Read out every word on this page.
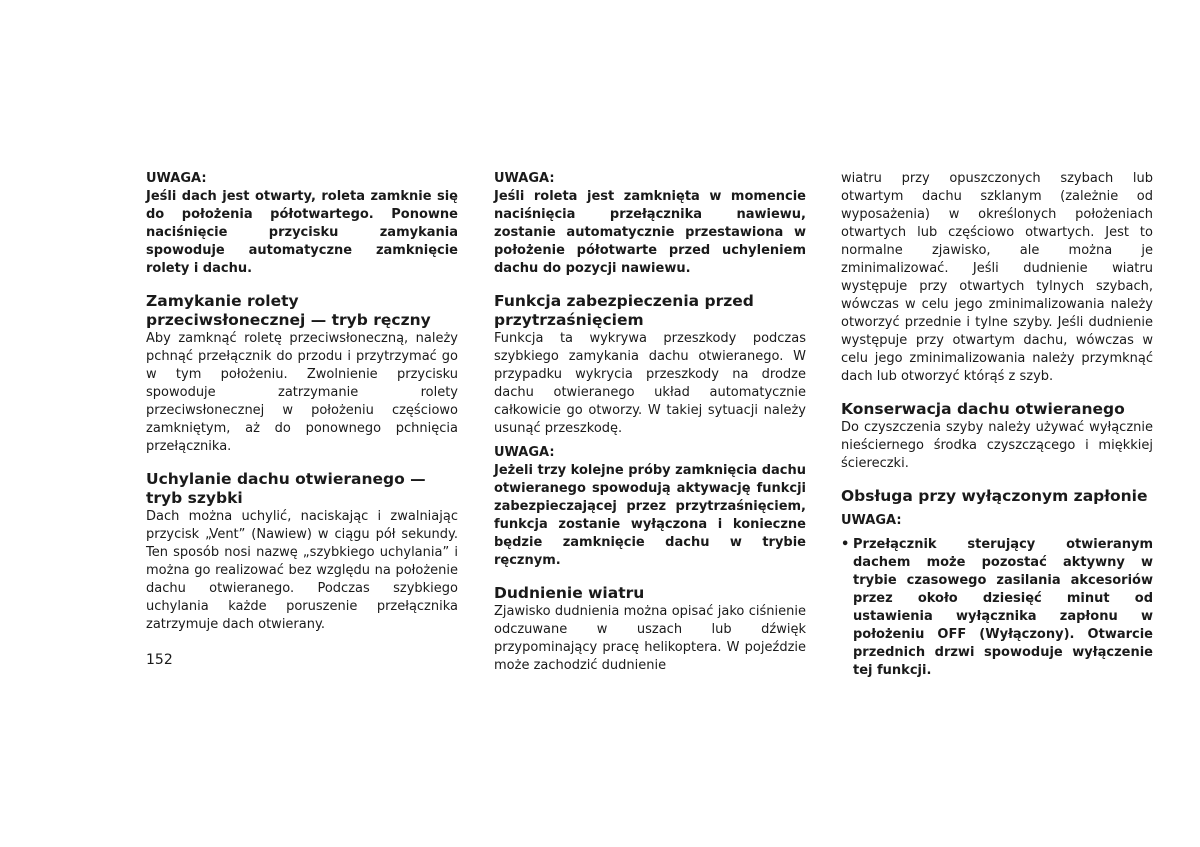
UWAGA:

Jeśli dach jest otwarty, roleta zamknie się do położenia półotwartego. Ponowne naciśnięcie przycisku zamykania spowoduje automatyczne zamknięcie rolety i dachu.

Zamykanie rolety przeciwsłonecznej — tryb ręczny

Aby zamknąć roletę przeciwsłoneczną, należy pchnąć przełącznik do przodu i przytrzymać go w tym położeniu. Zwolnienie przycisku spowoduje zatrzymanie rolety przeciwsłonecznej w położeniu częściowo zamkniętym, aż do ponownego pchnięcia przełącznika.

Uchylanie dachu otwieranego — tryb szybki

Dach można uchylić, naciskając i zwalniając przycisk „Vent” (Nawiew) w ciągu pół sekundy. Ten sposób nosi nazwę „szybkiego uchylania” i można go realizować bez względu na położenie dachu otwieranego. Podczas szybkiego uchylania każde poruszenie przełącznika zatrzymuje dach otwierany.

UWAGA:

Jeśli roleta jest zamknięta w momencie naciśnięcia przełącznika nawiewu, zostanie automatycznie przestawiona w położenie półotwarte przed uchyleniem dachu do pozycji nawiewu.

Funkcja zabezpieczenia przed przytrzaśnięciem

Funkcja ta wykrywa przeszkody podczas szybkiego zamykania dachu otwieranego. W przypadku wykrycia przeszkody na drodze dachu otwieranego układ automatycznie całkowicie go otworzy. W takiej sytuacji należy usunąć przeszkodę.

UWAGA:

Jeżeli trzy kolejne próby zamknięcia dachu otwieranego spowodują aktywację funkcji zabezpieczającej przez przytrzaśnięciem, funkcja zostanie wyłączona i konieczne będzie zamknięcie dachu w trybie ręcznym.

Dudnienie wiatru

Zjawisko dudnienia można opisać jako ciśnienie odczuwane w uszach lub dźwięk przypominający pracę helikoptera. W pojeździe może zachodzić dudnienie

wiatru przy opuszczonych szybach lub otwartym dachu szklanym (zależnie od wyposażenia) w określonych położeniach otwartych lub częściowo otwartych. Jest to normalne zjawisko, ale można je zminimalizować. Jeśli dudnienie wiatru występuje przy otwartych tylnych szybach, wówczas w celu jego zminimalizowania należy otworzyć przednie i tylne szyby. Jeśli dudnienie występuje przy otwartym dachu, wówczas w celu jego zminimalizowania należy przymknąć dach lub otworzyć którąś z szyb.

Konserwacja dachu otwieranego

Do czyszczenia szyby należy używać wyłącznie nieściernego środka czyszczącego i miękkiej ściereczki.

Obsługa przy wyłączonym zapłonie

UWAGA:

• Przełącznik sterujący otwieranym dachem może pozostać aktywny w trybie czasowego zasilania akcesoriów przez około dziesięć minut od ustawienia wyłącznika zapłonu w położeniu OFF (Wyłączony). Otwarcie przednich drzwi spowoduje wyłączenie tej funkcji.

152
